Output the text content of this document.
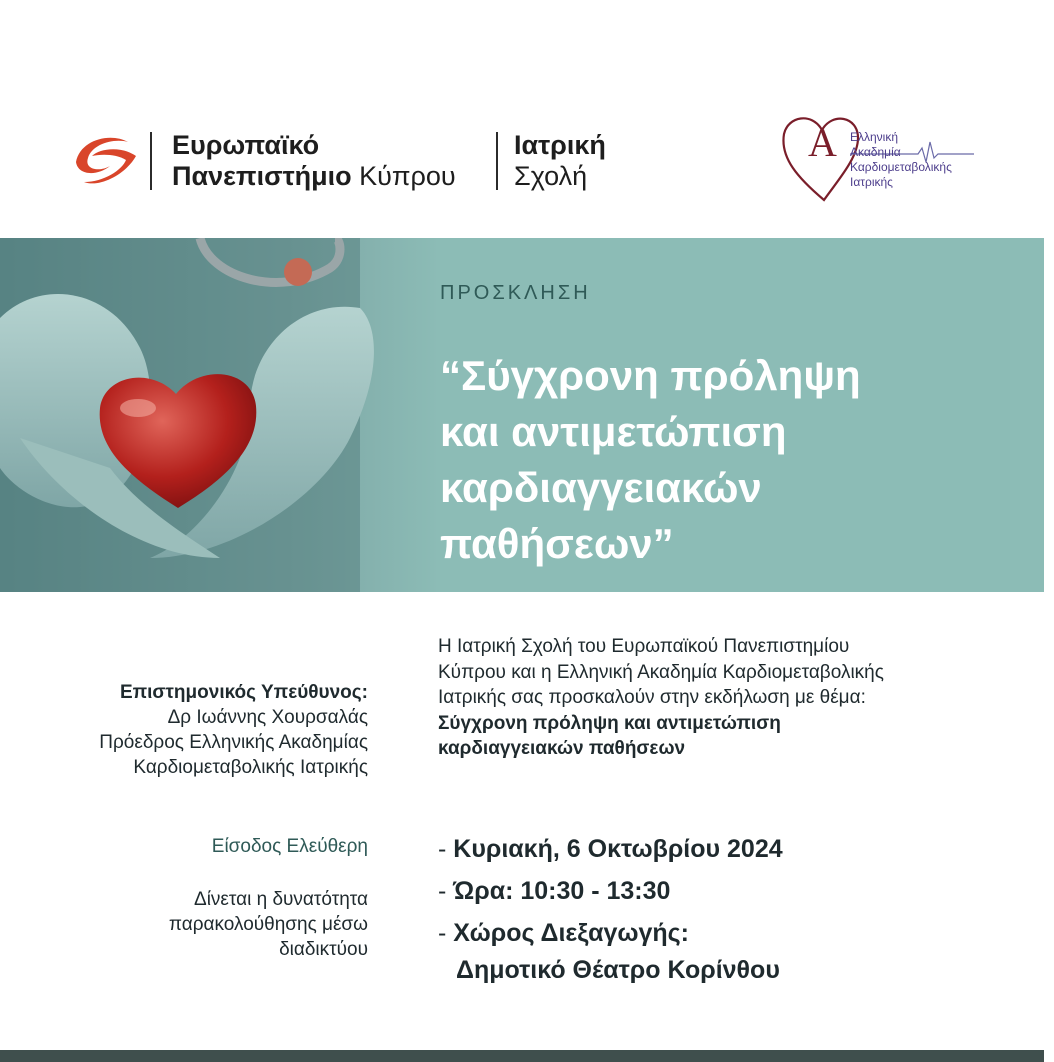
Ευρωπαϊκό
Πανεπιστήμιο Κύπρου
Ιατρική
Σχολή
A Ελληνική
Ακαδημία
Καρδιομεταβολικής
Ιατρικής
ΠΡΟΣΚΛΗΣΗ
“Σύγχρονη πρόληψη
και αντιμετώπιση
καρδιαγγειακών
παθήσεων”
Επιστημονικός Υπεύθυνος:
Δρ Ιωάννης Χουρσαλάς
Πρόεδρος Ελληνικής Ακαδημίας
Καρδιομεταβολικής Ιατρικής
Είσοδος Ελεύθερη
Δίνεται η δυνατότητα
παρακολούθησης μέσω
διαδικτύου
Η Ιατρική Σχολή του Ευρωπαϊκού Πανεπιστημίου
Κύπρου και η Ελληνική Ακαδημία Καρδιομεταβολικής
Ιατρικής σας προσκαλούν στην εκδήλωση με θέμα:
Σύγχρονη πρόληψη και αντιμετώπιση
καρδιαγγειακών παθήσεων
- Κυριακή, 6 Οκτωβρίου 2024
- Ώρα: 10:30 - 13:30
- Χώρος Διεξαγωγής:
Δημοτικό Θέατρο Κορίνθου
